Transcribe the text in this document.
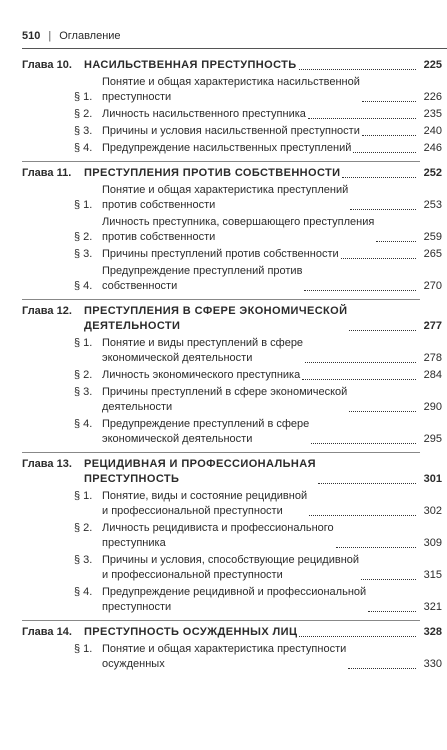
510 | Оглавление
Глава 10.	НАСИЛЬСТВЕННАЯ ПРЕСТУПНОСТЬ	225
§ 1.
Понятие и общая характеристика насильственной
преступности	226
§ 2. Личность насильственного преступника	235
§ 3. Причины и условия насильственной преступности	240
§ 4. Предупреждение насильственных преступлений	246
Глава 11.	ПРЕСТУПЛЕНИЯ ПРОТИВ СОБСТВЕННОСТИ	252
§ 1.
Понятие и общая характеристика преступлений
против собственности	253
§ 2.
Личность преступника, совершающего преступления
против собственности	259
§ 3. Причины преступлений против собственности	265
§ 4.
Предупреждение преступлений против
собственности	270
Глава 12.	ПРЕСТУПЛЕНИЯ В СФЕРЕ ЭКОНОМИЧЕСКОЙ
ДЕЯТЕЛЬНОСТИ	277
§ 1. Понятие и виды преступлений в сфере
экономической деятельности	278
§ 2. Личность экономического преступника	284
§ 3. Причины преступлений в сфере экономической
деятельности	290
§ 4. Предупреждение преступлений в сфере
экономической деятельности	295
Глава 13.	РЕЦИДИВНАЯ И ПРОФЕССИОНАЛЬНАЯ
ПРЕСТУПНОСТЬ	301
§ 1. Понятие, виды и состояние рецидивной
и профессиональной преступности	302
§ 2. Личность рецидивиста и профессионального
преступника	309
§ 3. Причины и условия, способствующие рецидивной
и профессиональной преступности	315
§ 4. Предупреждение рецидивной и профессиональной
преступности	321
Глава 14.	ПРЕСТУПНОСТЬ ОСУЖДЕННЫХ ЛИЦ	328
§ 1. Понятие и общая характеристика преступности
осужденных	330
